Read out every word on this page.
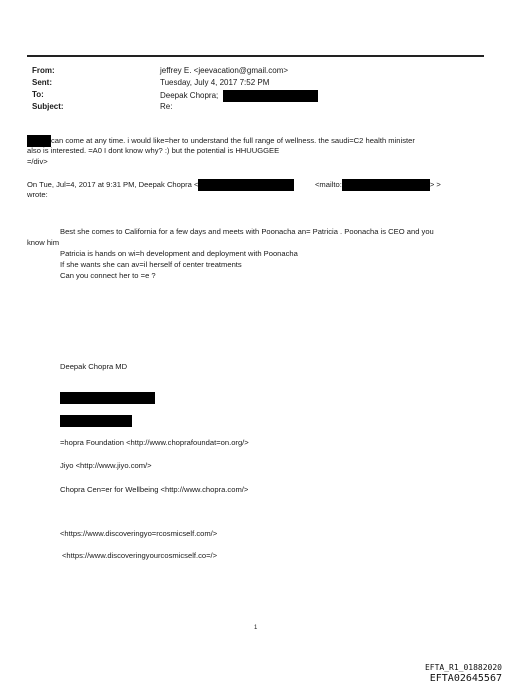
From:	jeffrey E. <jeevacation@gmail.com>
Sent:	Tuesday, July 4, 2017 7:52 PM
To:	Deepak Chopra;
Subject:	Re:
can come at any time. i would like=her to understand the full range of wellness. the saudi=C2 health minister
also is interested. =A0 I dont know why? :) but the potential is HHUUGGEE
=/div>
On Tue, Jul=4, 2017 at 9:31 PM, Deepak Chopra <	<mailto:	> >
wrote:
Best she comes to California for a few days and meets with Poonacha an= Patricia . Poonacha is CEO and you
know him
Patricia is hands on wi=h development and deployment with Poonacha
If she wants she can av=il herself of center treatments
Can you connect her to =e ?
Deepak Chopra MD
=hopra Foundation <http://www.choprafoundat=on.org/>
Jiyo <http://www.jiyo.com/>
Chopra Cen=er for Wellbeing <http://www.chopra.com/>
<https://www.discoveringyo=rcosmicself.com/>
<https://www.discoveringyourcosmicself.co=/>
1
EFTA_R1_01882020
EFTA02645567
